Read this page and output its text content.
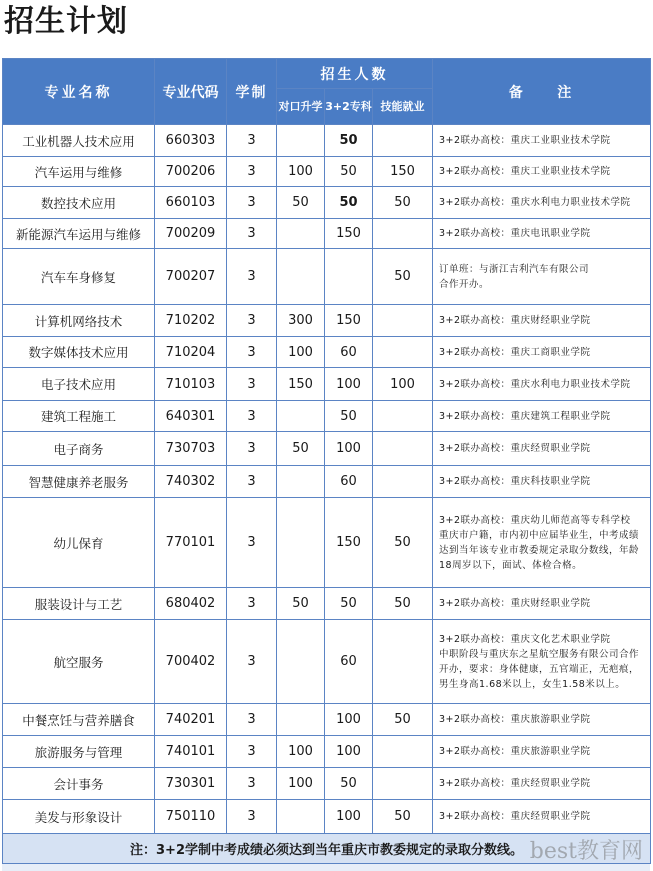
招生计划
专业名称	专业代码	学制	招生人数			备    注
			对口升学	3+2专科	技能就业	
工业机器人技术应用	660303	3		50		3+2联办高校：重庆工业职业技术学院

汽车运用与维修	700206	3	100	50	150	3+2联办高校：重庆工业职业技术学院

数控技术应用	660103	3	50	50	50	3+2联办高校：重庆水利电力职业技术学院

新能源汽车运用与维修	700209	3		150		3+2联办高校：重庆电讯职业学院

汽车车身修复	700207	3			50	订单班：与浙江吉利汽车有限公司
合作开办。

计算机网络技术	710202	3	300	150		3+2联办高校：重庆财经职业学院

数字媒体技术应用	710204	3	100	60		3+2联办高校：重庆工商职业学院

电子技术应用	710103	3	150	100	100	3+2联办高校：重庆水利电力职业技术学院

建筑工程施工	640301	3		50		3+2联办高校：重庆建筑工程职业学院

电子商务	730703	3	50	100		3+2联办高校：重庆经贸职业学院

智慧健康养老服务	740302	3		60		3+2联办高校：重庆科技职业学院

幼儿保育	770101	3		150	50	3+2联办高校：重庆幼儿师范高等专科学校
重庆市户籍，市内初中应届毕业生，中考成绩达到当年该专业市教委规定录取分数线，年龄18周岁以下，面试、体检合格。

服装设计与工艺	680402	3	50	50	50	3+2联办高校：重庆财经职业学院

航空服务	700402	3		60		3+2联办高校：重庆文化艺术职业学院
中职阶段与重庆东之星航空服务有限公司合作开办，要求：身体健康，五官端正，无疤痕，男生身高1.68米以上，女生1.58米以上。

中餐烹饪与营养膳食	740201	3		100	50	3+2联办高校：重庆旅游职业学院

旅游服务与管理	740101	3	100	100		3+2联办高校：重庆旅游职业学院

会计事务	730301	3	100	50		3+2联办高校：重庆经贸职业学院

美发与形象设计	750110	3		100	50	3+2联办高校：重庆经贸职业学院

注：3+2学制中考成绩必须达到当年重庆市教委规定的录取分数线。						best教育网
